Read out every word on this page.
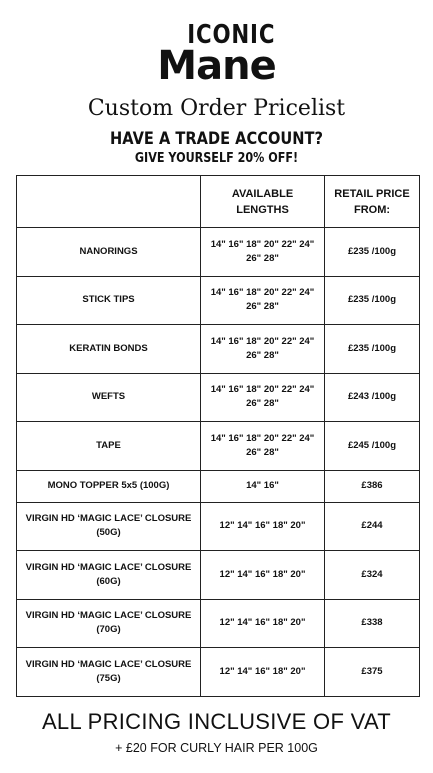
ICONIC
Mane
Custom Order Pricelist
HAVE A TRADE ACCOUNT?
GIVE YOURSELF 20% OFF!
	AVAILABLE LENGTHS	RETAIL PRICE FROM:
NANORINGS	14" 16" 18" 20" 22" 24" 26" 28"	£235 /100g
STICK TIPS	14" 16" 18" 20" 22" 24" 26" 28"	£235 /100g
KERATIN BONDS	14" 16" 18" 20" 22" 24" 26" 28"	£235 /100g
WEFTS	14" 16" 18" 20" 22" 24" 26" 28"	£243 /100g
TAPE	14" 16" 18" 20" 22" 24" 26" 28"	£245 /100g
MONO TOPPER 5x5 (100G)	14" 16"	£386
VIRGIN HD ‘MAGIC LACE’ CLOSURE (50G)	12" 14" 16" 18" 20"	£244
VIRGIN HD ‘MAGIC LACE’ CLOSURE (60G)	12" 14" 16" 18" 20"	£324
VIRGIN HD ‘MAGIC LACE’ CLOSURE (70G)	12" 14" 16" 18" 20"	£338
VIRGIN HD ‘MAGIC LACE’ CLOSURE (75G)	12" 14" 16" 18" 20"	£375
ALL PRICING INCLUSIVE OF VAT
+ £20 FOR CURLY HAIR PER 100G
